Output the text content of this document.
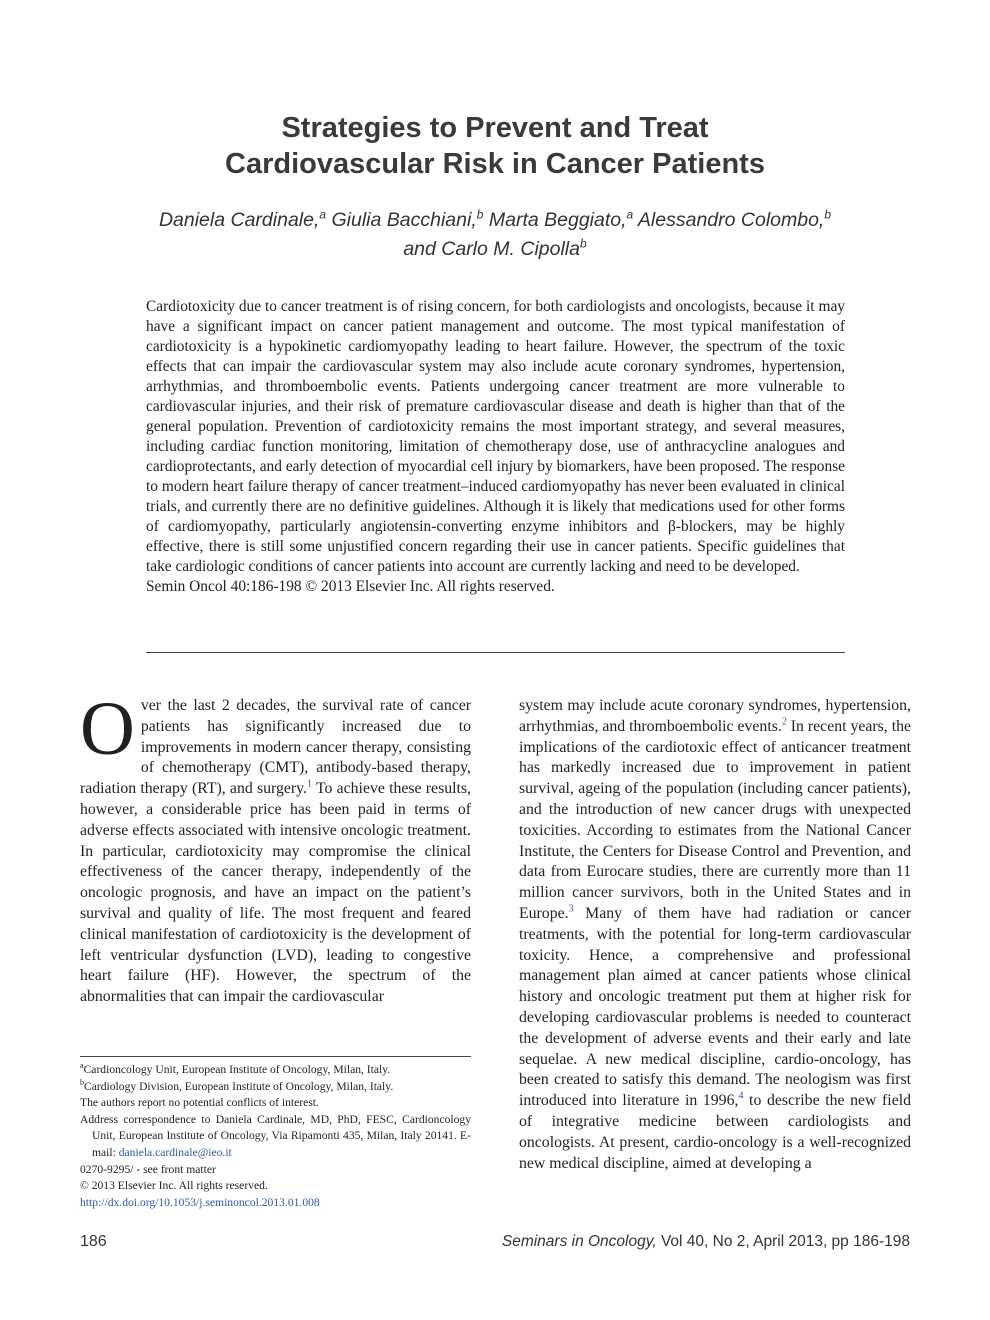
Strategies to Prevent and Treat
Cardiovascular Risk in Cancer Patients
Daniela Cardinale,$^a$ Giulia Bacchiani,$^b$ Marta Beggiato,$^a$ Alessandro Colombo,$^b$
and Carlo M. Cipolla$^b$
Cardiotoxicity due to cancer treatment is of rising concern, for both cardiologists and oncologists, because it may have a significant impact on cancer patient management and outcome. The most typical manifestation of cardiotoxicity is a hypokinetic cardiomyopathy leading to heart failure. However, the spectrum of the toxic effects that can impair the cardiovascular system may also include acute coronary syndromes, hypertension, arrhythmias, and thromboembolic events. Patients undergoing cancer treatment are more vulnerable to cardiovascular injuries, and their risk of premature cardiovascular disease and death is higher than that of the general population. Prevention of cardiotoxicity remains the most important strategy, and several measures, including cardiac function monitoring, limitation of chemotherapy dose, use of anthracycline analogues and cardioprotectants, and early detection of myocardial cell injury by biomarkers, have been proposed. The response to modern heart failure therapy of cancer treatment–induced cardiomyopathy has never been evaluated in clinical trials, and currently there are no definitive guidelines. Although it is likely that medications used for other forms of cardiomyopathy, particularly angiotensin-converting enzyme inhibitors and β-blockers, may be highly effective, there is still some unjustified concern regarding their use in cancer patients. Specific guidelines that take cardiologic conditions of cancer patients into account are currently lacking and need to be developed.
Semin Oncol 40:186-198 © 2013 Elsevier Inc. All rights reserved.
Over the last 2 decades, the survival rate of cancer patients has significantly increased due to improvements in modern cancer therapy, consisting of chemotherapy (CMT), antibody-based therapy, radiation therapy (RT), and surgery.$^1$ To achieve these results, however, a considerable price has been paid in terms of adverse effects associated with intensive oncologic treatment. In particular, cardiotoxicity may compromise the clinical effectiveness of the cancer therapy, independently of the oncologic prognosis, and have an impact on the patient’s survival and quality of life. The most frequent and feared clinical manifestation of cardiotoxicity is the development of left ventricular dysfunction (LVD), leading to congestive heart failure (HF). However, the spectrum of the abnormalities that can impair the cardiovascular
system may include acute coronary syndromes, hypertension, arrhythmias, and thromboembolic events.$^2$ In recent years, the implications of the cardiotoxic effect of anticancer treatment has markedly increased due to improvement in patient survival, ageing of the population (including cancer patients), and the introduction of new cancer drugs with unexpected toxicities. According to estimates from the National Cancer Institute, the Centers for Disease Control and Prevention, and data from Eurocare studies, there are currently more than 11 million cancer survivors, both in the United States and in Europe.$^3$ Many of them have had radiation or cancer treatments, with the potential for long-term cardiovascular toxicity. Hence, a comprehensive and professional management plan aimed at cancer patients whose clinical history and oncologic treatment put them at higher risk for developing cardiovascular problems is needed to counteract the development of adverse events and their early and late sequelae. A new medical discipline, cardio-oncology, has been created to satisfy this demand. The neologism was first introduced into literature in 1996,$^4$ to describe the new field of integrative medicine between cardiologists and oncologists. At present, cardio-oncology is a well-recognized new medical discipline, aimed at developing a

$^a$Cardioncology Unit, European Institute of Oncology, Milan, Italy.

$^b$Cardiology Division, European Institute of Oncology, Milan, Italy.

The authors report no potential conflicts of interest.

Address correspondence to Daniela Cardinale, MD, PhD, FESC, Cardioncology Unit, European Institute of Oncology, Via Ripamonti 435, Milan, Italy 20141. E-mail: daniela.cardinale@ieo.it

0270-9295/ - see front matter

© 2013 Elsevier Inc. All rights reserved.

http://dx.doi.org/10.1053/j.seminoncol.2013.01.008

186	Seminars in Oncology, Vol 40, No 2, April 2013, pp 186-198
